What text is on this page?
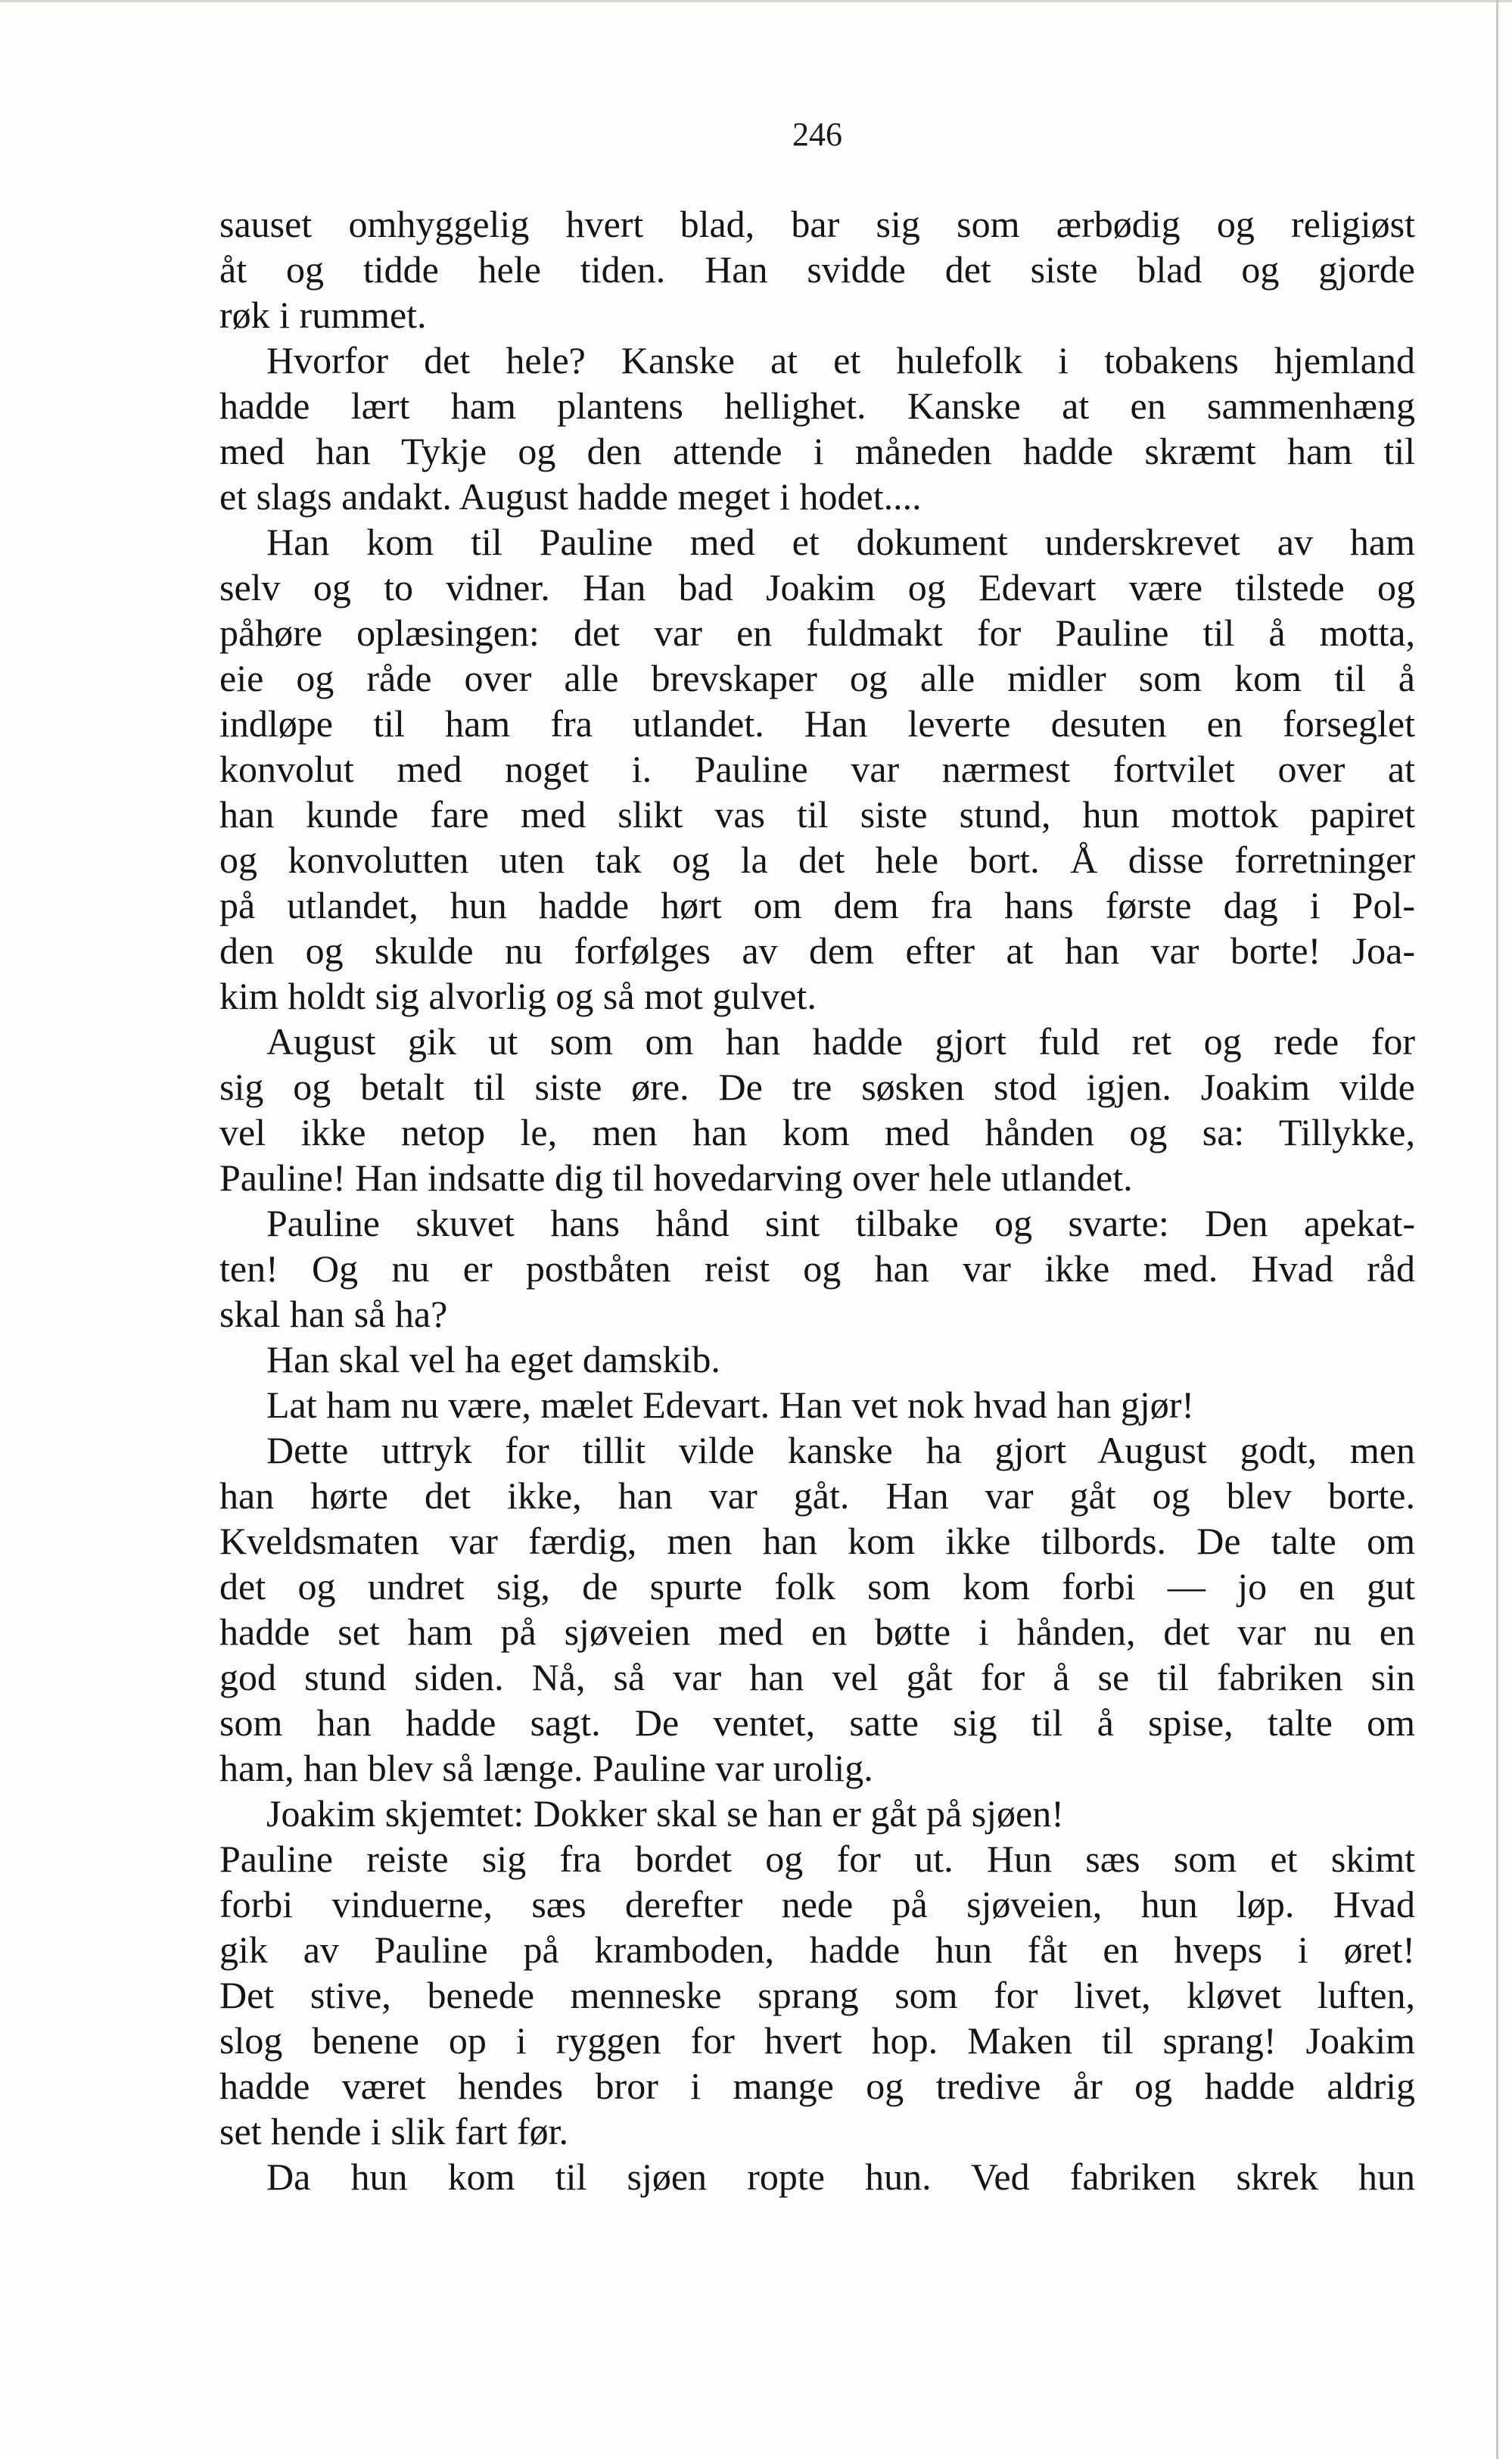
246
sauset omhyggelig hvert blad, bar sig som ærbødig og religiøst
åt og tidde hele tiden. Han svidde det siste blad og gjorde
røk i rummet.
Hvorfor det hele? Kanske at et hulefolk i tobakens hjemland
hadde lært ham plantens hellighet. Kanske at en sammenhæng
med han Tykje og den attende i måneden hadde skræmt ham til
et slags andakt. August hadde meget i hodet....
Han kom til Pauline med et dokument underskrevet av ham
selv og to vidner. Han bad Joakim og Edevart være tilstede og
påhøre oplæsingen: det var en fuldmakt for Pauline til å motta,
eie og råde over alle brevskaper og alle midler som kom til å
indløpe til ham fra utlandet. Han leverte desuten en forseglet
konvolut med noget i. Pauline var nærmest fortvilet over at
han kunde fare med slikt vas til siste stund, hun mottok papiret
og konvolutten uten tak og la det hele bort. Å disse forretninger
på utlandet, hun hadde hørt om dem fra hans første dag i Pol-
den og skulde nu forfølges av dem efter at han var borte! Joa-
kim holdt sig alvorlig og så mot gulvet.
August gik ut som om han hadde gjort fuld ret og rede for
sig og betalt til siste øre. De tre søsken stod igjen. Joakim vilde
vel ikke netop le, men han kom med hånden og sa: Tillykke,
Pauline! Han indsatte dig til hovedarving over hele utlandet.
Pauline skuvet hans hånd sint tilbake og svarte: Den apekat-
ten! Og nu er postbåten reist og han var ikke med. Hvad råd
skal han så ha?
Han skal vel ha eget damskib.
Lat ham nu være, mælet Edevart. Han vet nok hvad han gjør!
Dette uttryk for tillit vilde kanske ha gjort August godt, men
han hørte det ikke, han var gåt. Han var gåt og blev borte.
Kveldsmaten var færdig, men han kom ikke tilbords. De talte om
det og undret sig, de spurte folk som kom forbi — jo en gut
hadde set ham på sjøveien med en bøtte i hånden, det var nu en
god stund siden. Nå, så var han vel gåt for å se til fabriken sin
som han hadde sagt. De ventet, satte sig til å spise, talte om
ham, han blev så længe. Pauline var urolig.
Joakim skjemtet: Dokker skal se han er gåt på sjøen!
Pauline reiste sig fra bordet og for ut. Hun sæs som et skimt
forbi vinduerne, sæs derefter nede på sjøveien, hun løp. Hvad
gik av Pauline på kramboden, hadde hun fåt en hveps i øret!
Det stive, benede menneske sprang som for livet, kløvet luften,
slog benene op i ryggen for hvert hop. Maken til sprang! Joakim
hadde været hendes bror i mange og tredive år og hadde aldrig
set hende i slik fart før.
Da hun kom til sjøen ropte hun. Ved fabriken skrek hun
